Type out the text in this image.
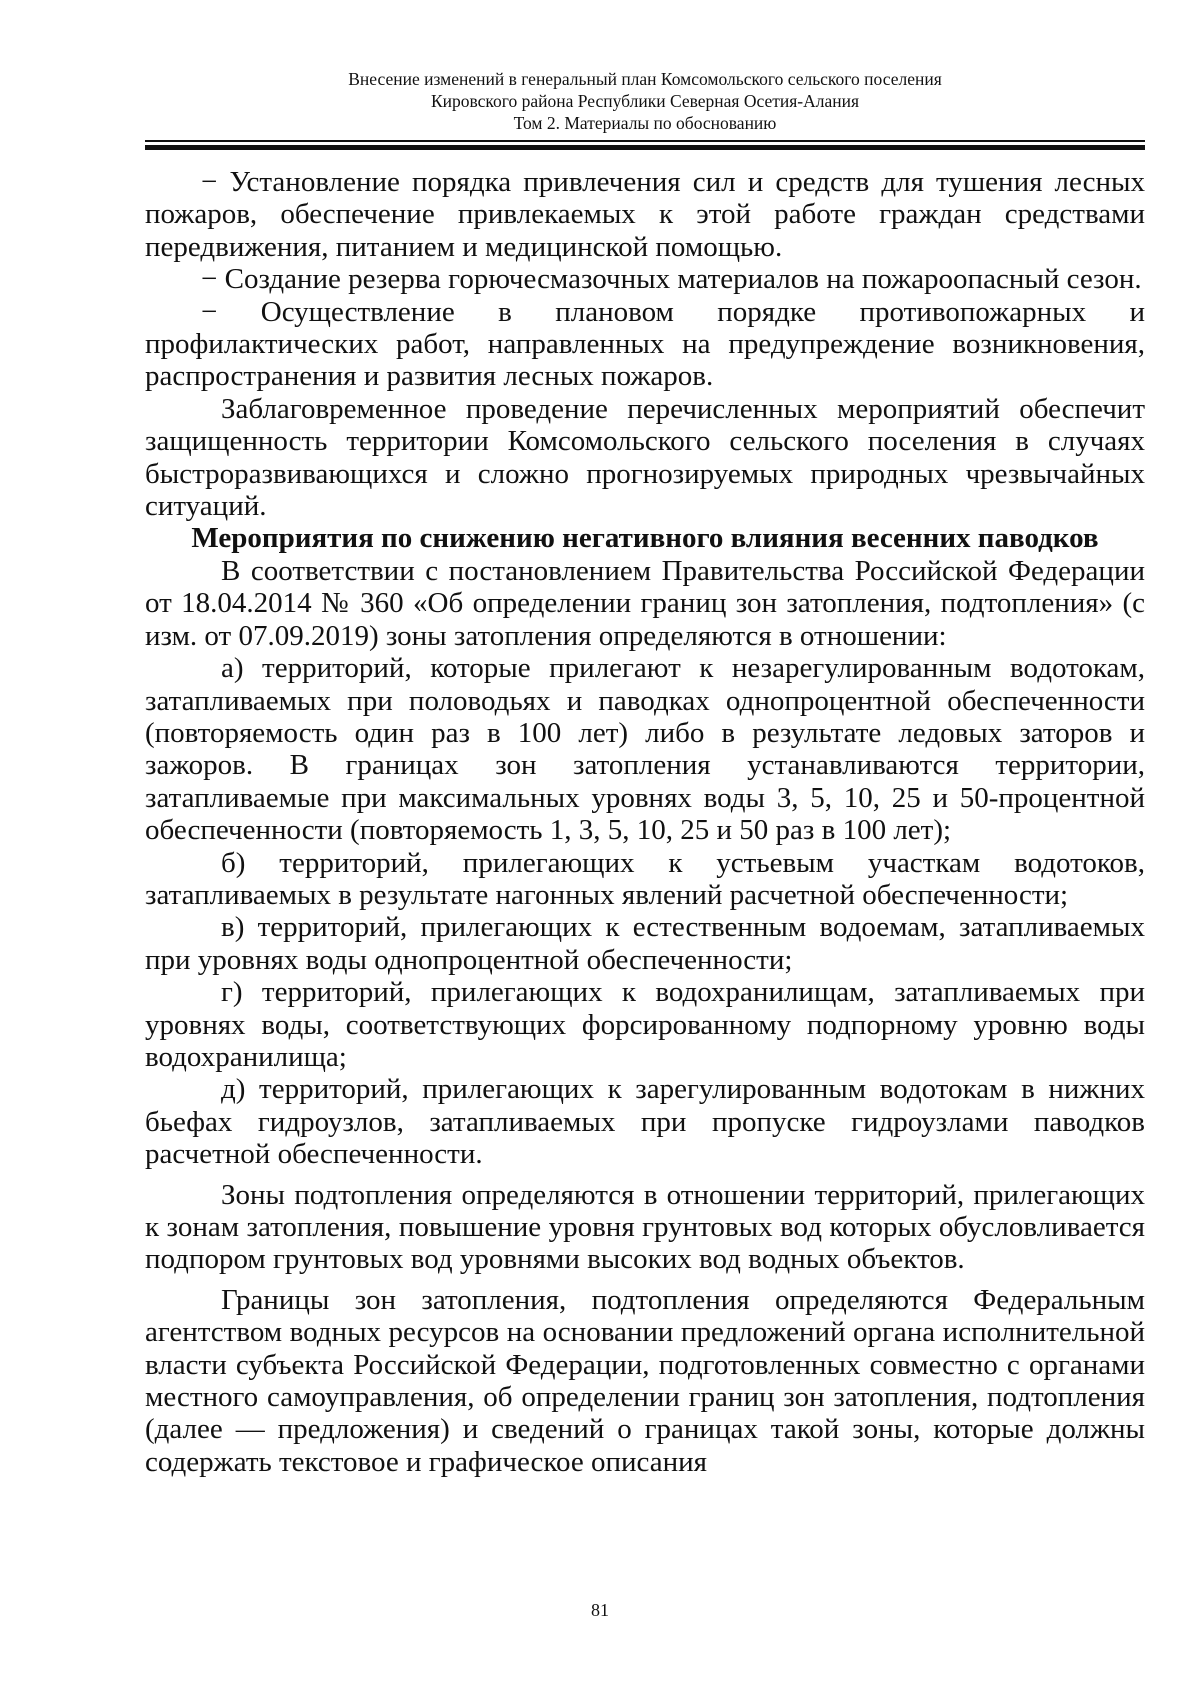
Внесение изменений в генеральный план Комсомольского сельского поселения
Кировского района Республики Северная Осетия-Алания
Том 2. Материалы по обоснованию

− Установление порядка привлечения сил и средств для тушения лесных пожаров, обеспечение привлекаемых к этой работе граждан средствами передвижения, питанием и медицинской помощью.

− Создание резерва горючесмазочных материалов на пожароопасный сезон.

− Осуществление в плановом порядке противопожарных и профилактических работ, направленных на предупреждение возникновения, распространения и развития лесных пожаров.

Заблаговременное проведение перечисленных мероприятий обеспечит защищенность территории Комсомольского сельского поселения в случаях быстроразвивающихся и сложно прогнозируемых природных чрезвычайных ситуаций.

Мероприятия по снижению негативного влияния весенних паводков

В соответствии с постановлением Правительства Российской Федерации от 18.04.2014 № 360 «Об определении границ зон затопления, подтопления» (с изм. от 07.09.2019) зоны затопления определяются в отношении:

а) территорий, которые прилегают к незарегулированным водотокам, затапливаемых при половодьях и паводках однопроцентной обеспеченности (повторяемость один раз в 100 лет) либо в результате ледовых заторов и зажоров. В границах зон затопления устанавливаются территории, затапливаемые при максимальных уровнях воды 3, 5, 10, 25 и 50-процентной обеспеченности (повторяемость 1, 3, 5, 10, 25 и 50 раз в 100 лет);

б) территорий, прилегающих к устьевым участкам водотоков, затапливаемых в результате нагонных явлений расчетной обеспеченности;

в) территорий, прилегающих к естественным водоемам, затапливаемых при уровнях воды однопроцентной обеспеченности;

г) территорий, прилегающих к водохранилищам, затапливаемых при уровнях воды, соответствующих форсированному подпорному уровню воды водохранилища;

д) территорий, прилегающих к зарегулированным водотокам в нижних бьефах гидроузлов, затапливаемых при пропуске гидроузлами паводков расчетной обеспеченности.

Зоны подтопления определяются в отношении территорий, прилегающих к зонам затопления, повышение уровня грунтовых вод которых обусловливается подпором грунтовых вод уровнями высоких вод водных объектов.

Границы зон затопления, подтопления определяются Федеральным агентством водных ресурсов на основании предложений органа исполнительной власти субъекта Российской Федерации, подготовленных совместно с органами местного самоуправления, об определении границ зон затопления, подтопления (далее — предложения) и сведений о границах такой зоны, которые должны содержать текстовое и графическое описания

81
